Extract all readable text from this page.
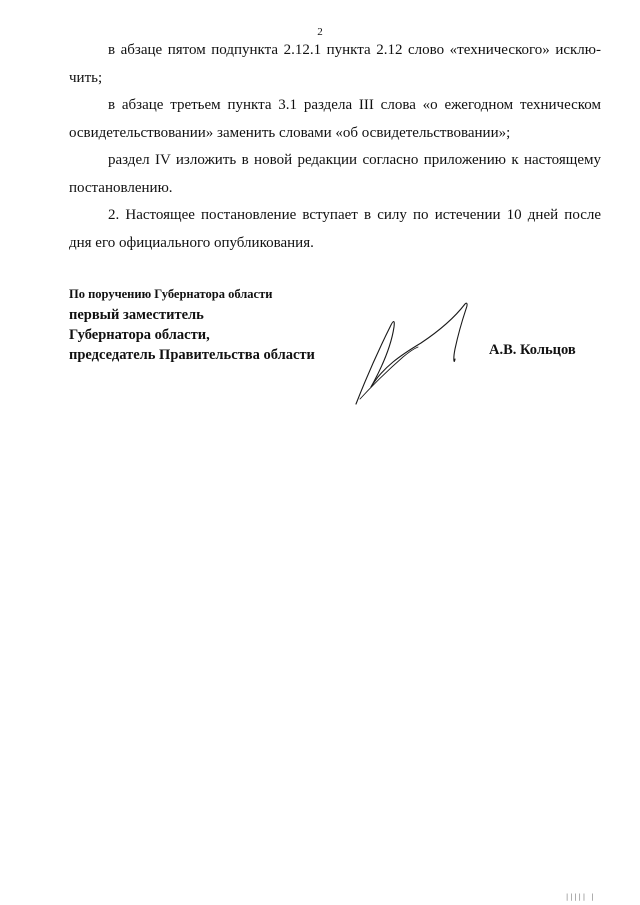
2

в абзаце пятом подпункта 2.12.1 пункта 2.12 слово «технического» исклю-чить;

в абзаце третьем пункта 3.1 раздела III слова «о ежегодном техническом освидетельствовании» заменить словами «об освидетельствовании»;

раздел IV изложить в новой редакции согласно приложению к настоящему постановлению.

2. Настоящее постановление вступает в силу по истечении 10 дней после дня его официального опубликования.

По поручению Губернатора области
первый заместитель
Губернатора области,
председатель Правительства области	А.В. Кольцов
||||| |
